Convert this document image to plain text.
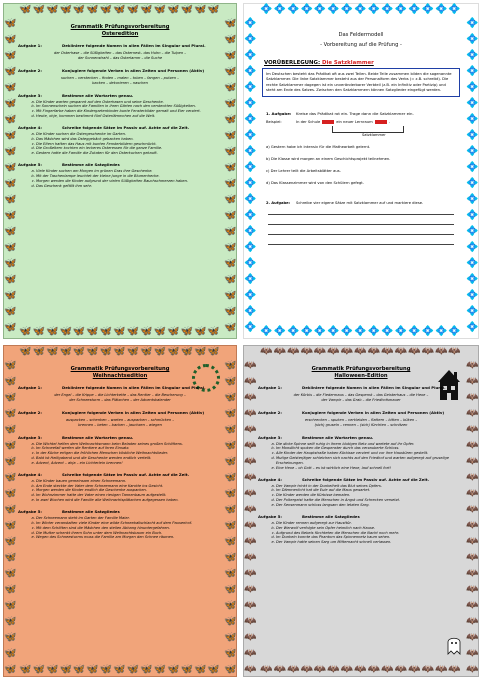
🦋🦋🦋🦋🦋🦋🦋🦋🦋🦋🦋🦋🦋🦋🦋
🦋🦋🦋🦋🦋🦋🦋🦋🦋🦋🦋🦋🦋🦋🦋
🦋🦋🦋🦋🦋🦋🦋🦋🦋🦋🦋🦋🦋🦋🦋🦋🦋🦋🦋🦋
🦋🦋🦋🦋🦋🦋🦋🦋🦋🦋🦋🦋🦋🦋🦋🦋🦋🦋🦋🦋
Grammatik Prüfungsvorbereitung
Osteredition
Aufgabe 1:	Dekliniere folgende Nomen in allen Fällen im Singular und Plural.
der Osterhase – die Süßigkeiten – das Osternest– das Huhn – die Tulpen –
der Sonnenstrahl – das Osterlamm – die Suche
Aufgabe 2:	Konjugiere folgende Verben in allen Zeiten und Personen (Aktiv)
suchen – verstecken – finden – malen – toben – fangen – putzen –
backen – dekorieren – naschen
Aufgabe 3:	Bestimme alle Wortarten genau.
a. Die Kinder warten gespannt auf den Osterhasen und seine Geschenke.
b. Im Sonnenschein suchen die Familien in ihren Gärten nach den versteckten Süßigkeiten.
c. Mit Fingerfarbe haben die Kindergartenkinder bunte Fensterbilder gemalt und Eier verziert.
d. Heute, ohje, kommen bestimmt fünf Osterlämmchen auf die Welt.
Aufgabe 4:	Schreibe folgende Sätze im Passiv auf. Achte auf die Zeit.
a. Die Kinder suchen die Ostergeschenke im Garten.
b. Das Mädchen wird das Osteggebäck gebacken haben.
c. Die Eltern hatten das Haus mit bunten Fensterbildern geschmückt.
d. Die Großeltern kochten ein leckeres Osteressen für die ganze Familie.
e. Gestern hatte die Familie die Zutaten für den Osterkuchen gekauft.
Aufgabe 5:	Bestimme alle Satzglieder.
a. Viele Kinder suchen am Morgen im grünen Gras ihre Geschenke.
b. Mit der Taschenlampe leuchtet der kleine Junge in die Blumenhecke.
c. Morgen werden die Kinder aufgrund der vielen Süßigkeiten Bauchschmerzen haben.
d. Das Geschenk gefällt ihm sehr.
💠💠💠💠💠💠💠💠💠💠💠💠💠💠💠
💠💠💠💠💠💠💠💠💠💠💠💠💠💠💠
💠💠💠💠💠💠💠💠💠💠💠💠💠💠💠💠💠💠💠💠
💠💠💠💠💠💠💠💠💠💠💠💠💠💠💠💠💠💠💠💠
Das Feldermodell
- Vorbereitung auf die Prüfung -
VORÜBERLEGUNG: Die Satzklammer
Im Deutschen besteht das Prädikat oft aus zwei Teilen. Beide Teile zusammen bilden die sogenannte Satzklammer. Die linke Satzklammer besteht aus der Personalform des Verbs (= z.B. schreibt). Die rechte Satzklammer dagegen ist ein unveränderbarer Verbteil (z.B. ein Infinitiv oder Partizip) und steht am Ende des Satzes. Zwischen den Satzklammern können Satzglieder eingefügt werden.
1. Aufgabe:	Kreise das Prädikat rot ein. Trage dann die Satzklammer ein.
Beispiel:	In der Schule	ein neuer Lernraum	.
Satzklammer
a) Gestern habe ich intensiv für die Mathearbeit gelernt.
b) Die Klasse wird morgen an einem Geschichtsprojekt teilnehmen.
c) Der Lehrer teilt die Arbeitsblätter aus.
d) Das Klassenzimmer wird von den Schülern gefegt.
2. Aufgabe:	Schreibe vier eigene Sätze mit Satzklammer auf und markiere diese.
🦋🦋🦋🦋🦋🦋🦋🦋🦋🦋🦋🦋🦋🦋🦋
🦋🦋🦋🦋🦋🦋🦋🦋🦋🦋🦋🦋🦋🦋🦋
🦋🦋🦋🦋🦋🦋🦋🦋🦋🦋🦋🦋🦋🦋🦋🦋🦋🦋🦋🦋
🦋🦋🦋🦋🦋🦋🦋🦋🦋🦋🦋🦋🦋🦋🦋🦋🦋🦋🦋🦋
Grammatik Prüfungsvorbereitung
Weihnachtsedition
Aufgabe 1:	Dekliniere folgende Nomen in allen Fällen im Singular und Plural.
der Engel – die Krippe – die Lichterkette – das Rentier – die Bescherung –
der Schneesturm – das Plätzchen – der Adventskalender
Aufgabe 2:	Konjugiere folgende Verben in allen Zeiten und Personen (Aktiv)
auspacken – schenken – warten – auspacken – schmücken –
brennen – beten – backen – jauchzen – wiegen
Aufgabe 3:	Bestimme alle Wortarten genau.
a. Die Wichtel helfen dem Weihnachtsmann beim Beladen seines großen Schlittens.
b. Im Schneefall werfen die Rentiere auf ihren Einsatz.
c. In der Küche ertigen die fröhlichen Menschen köstliche Weihnachtslieder.
d. Bald ist Heiligabend und die Geschenke werden endlich verteilt.
e. Advent, Advent – ahja – ein Lichterlein brennen!
Aufgabe 4:	Schreibe folgende Sätze im Passiv auf. Achte auf die Zeit.
a. Die Kinder bauen gemeinsam einen Schneemann.
b. Am Ende steckte der Vater dem Schneemann eine Karotte ins Gesicht.
c. Morgen werden die Kinder endlich die Geschenke auspacken.
d. Im Wohnzimmer hatte der Vater einen riesigen Tannenbaum aufgestellt.
e. In zwei Wochen wird die Familie alle Weihnachtsplätzchen aufgegessen haben.
Aufgabe 5:	Bestimme alle Satzglieder.
a. Der Schneemann steht im Garten der Familie Maier.
b. Im Winter veranstalten viele Kinder eine wilde Schneeballschlacht auf dem Pausenhof.
c. Mit dem Schlitten sind die Mädchen den steilen Abhang hinuntergefahren.
d. Die Mutter schenkt ihrem Sohn unter dem Weihnachtsbaum ein Buch.
e. Wegen des Schneesturms muss die Familie am Morgen den Schnee räumen.
🦇🦇🦇🦇🦇🦇🦇🦇🦇🦇🦇🦇🦇🦇🦇
🦇🦇🦇🦇🦇🦇🦇🦇🦇🦇🦇🦇🦇🦇🦇
🦇🦇🦇🦇🦇🦇🦇🦇🦇🦇🦇🦇🦇🦇🦇🦇🦇🦇🦇🦇
🦇🦇🦇🦇🦇🦇🦇🦇🦇🦇🦇🦇🦇🦇🦇🦇🦇🦇🦇🦇
Grammatik Prüfungsvorbereitung
Halloween-Edition
Aufgabe 1:	Dekliniere folgende Nomen in allen Fällen im Singular und Plural.
der Kürbis – die Fledermaus – das Gespenst – das Geisterhaus – die Hexe –
der Vampir – das Grab – die Friedhofsmauer
Aufgabe 2:	Konjugiere folgende Verben in allen Zeiten und Personen (Aktiv)
erschrecken – spuken – verkleiden – flattern – bitten – büken –
(sich) gruseln – rennen – (sich) fürchten – schnitzen
Aufgabe 3:	Bestimme alle Wortarten genau.
a. Die dicke Spinne seilt ruhig in ihrem blutigen Netz und wartete auf ihr Opfer.
b. Im Mondlicht spuken die Gespenster durch das verzauberte Schloss.
c. Alle Kinder der Hauptstraße haben Kürbisse verziert und vor ihre Haustüren gestellt.
d. Mutige Geisterjäger schleichen sich nachts auf den Friedhof und warten aufgeregt auf gruselige Erscheinungen.
e. Eine Hexe – oh Gott – es ist wirklich eine Hexe, lauf schnell fort!
Aufgabe 4:	Schreibe folgende Sätze im Passiv auf. Achte auf die Zeit.
a. Der Vampir trinkt in der Dunkelheit das Blut seines Opfers.
b. Im Dämmerlicht hat die Eule auf die Maus gewartet.
c. Die Kinder werden die Kürbisse bemalen.
d. Der Poltergeist hatte die Menschen in Angst und Schrecken versetzt.
e. Der Sensenmann schloss langsam den letzten Sarg.
Aufgabe 5:	Bestimme alle Satzglieder.
a. Die Kinder rennen aufgeregt zur Hausttür.
b. Der Werwolf verfolgte sein Opfer heimlich nach Hause.
c. Aufgrund des Nebels fürchteten die Menschen die Nacht noch mehr.
d. Im Dunkeln konnte das Phantom das Spinnennetz kaum sehen.
e. Der Vampir hatte seinen Sarg um Mitternacht schnell verlassen.
